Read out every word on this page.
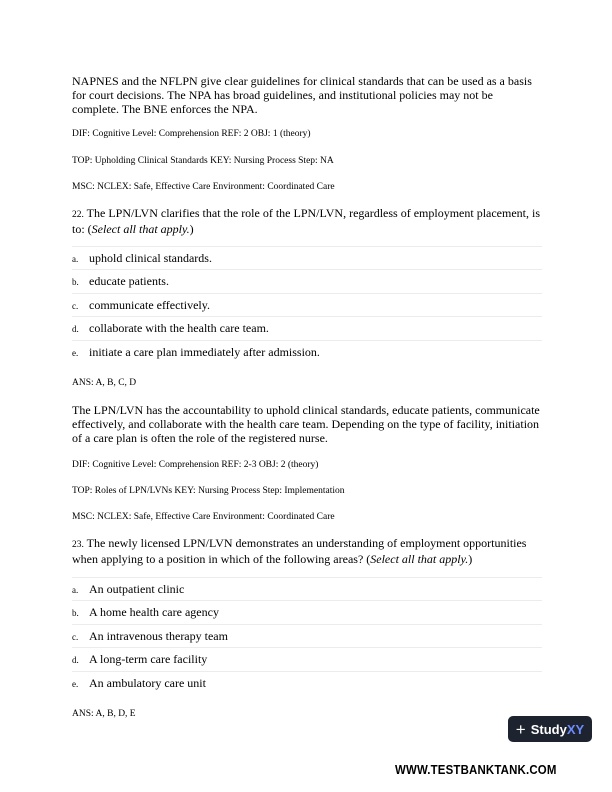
NAPNES and the NFLPN give clear guidelines for clinical standards that can be used as a basis for court decisions. The NPA has broad guidelines, and institutional policies may not be complete. The BNE enforces the NPA.

DIF: Cognitive Level: Comprehension REF: 2 OBJ: 1 (theory)

TOP: Upholding Clinical Standards KEY: Nursing Process Step: NA

MSC: NCLEX: Safe, Effective Care Environment: Coordinated Care

22. The LPN/LVN clarifies that the role of the LPN/LVN, regardless of employment placement, is to: (Select all that apply.)

a. uphold clinical standards.
b. educate patients.
c. communicate effectively.
d. collaborate with the health care team.
e. initiate a care plan immediately after admission.

ANS: A, B, C, D

The LPN/LVN has the accountability to uphold clinical standards, educate patients, communicate effectively, and collaborate with the health care team. Depending on the type of facility, initiation of a care plan is often the role of the registered nurse.

DIF: Cognitive Level: Comprehension REF: 2-3 OBJ: 2 (theory)

TOP: Roles of LPN/LVNs KEY: Nursing Process Step: Implementation

MSC: NCLEX: Safe, Effective Care Environment: Coordinated Care

23. The newly licensed LPN/LVN demonstrates an understanding of employment opportunities when applying to a position in which of the following areas? (Select all that apply.)

a. An outpatient clinic
b. A home health care agency
c. An intravenous therapy team
d. A long-term care facility
e. An ambulatory care unit

ANS: A, B, D, E

+ Study XY
WWW.TESTBANKTANK.COM
